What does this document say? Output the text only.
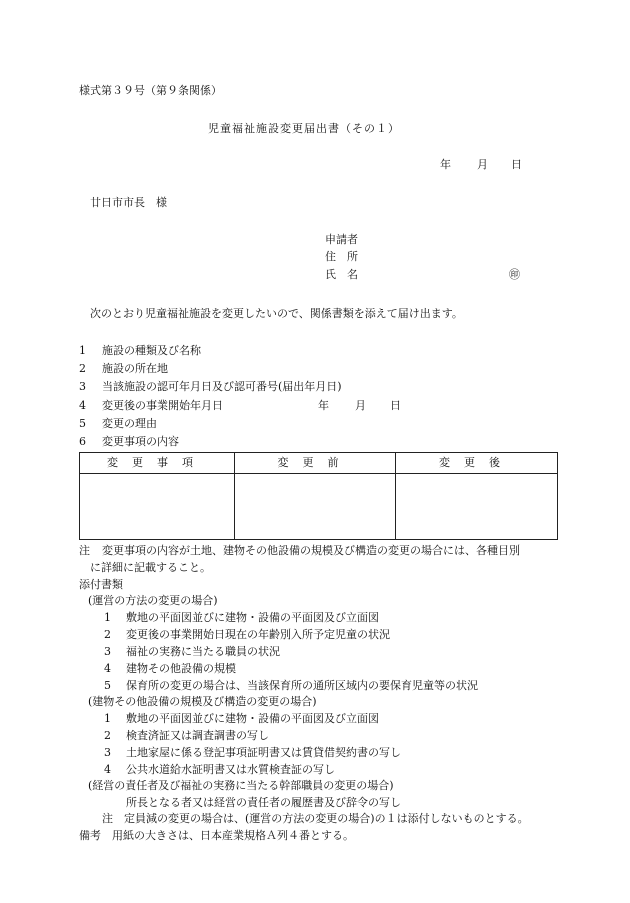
様式第３９号（第９条関係）
児童福祉施設変更届出書（その１）
年 月 日
廿日市市長　様
申請者
住　所
氏　名	㊞
次のとおり児童福祉施設を変更したいので、関係書類を添えて届け出ます。
1 施設の種類及び名称
2 施設の所在地
3 当該施設の認可年月日及び認可番号(届出年月日)
4 変更後の事業開始年月日	年 月 日
5 変更の理由
6 変更事項の内容
変更事項	変更前	変更後

注 変更事項の内容が土地、建物その他設備の規模及び構造の変更の場合には、各種目別
に詳細に記載すること。
添付書類
(運営の方法の変更の場合)
1 敷地の平面図並びに建物・設備の平面図及び立面図
2 変更後の事業開始日現在の年齢別入所予定児童の状況
3 福祉の実務に当たる職員の状況
4 建物その他設備の規模
5 保育所の変更の場合は、当該保育所の通所区域内の要保育児童等の状況
(建物その他設備の規模及び構造の変更の場合)
1 敷地の平面図並びに建物・設備の平面図及び立面図
2 検査済証又は調査調書の写し
3 土地家屋に係る登記事項証明書又は賃貸借契約書の写し
4 公共水道給水証明書又は水質検査証の写し
(経営の責任者及び福祉の実務に当たる幹部職員の変更の場合)
所長となる者又は経営の責任者の履歴書及び辞令の写し
注　定員減の変更の場合は、(運営の方法の変更の場合)の１は添付しないものとする。
備考 用紙の大きさは、日本産業規格Ａ列４番とする。
